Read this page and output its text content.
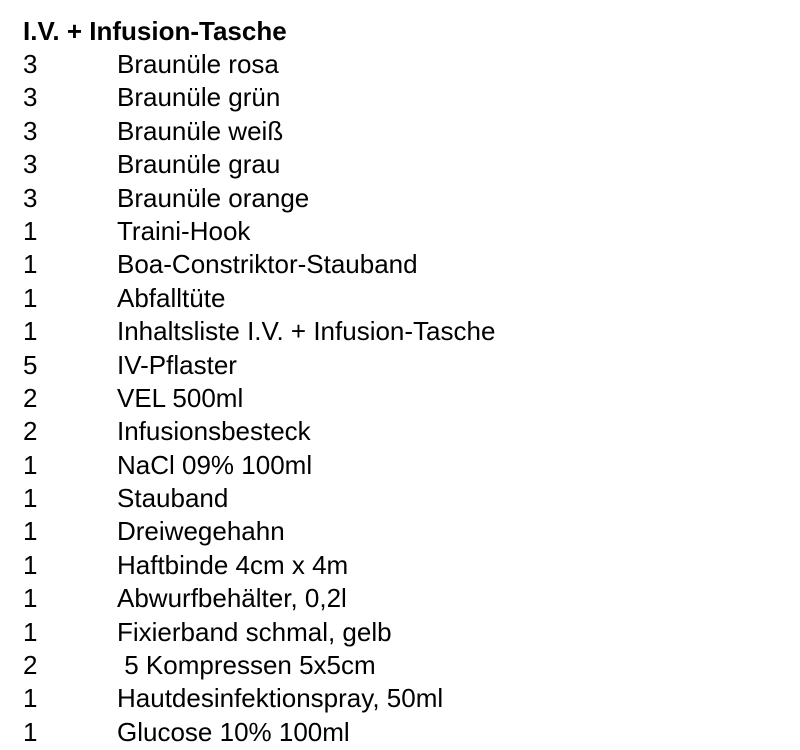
I.V. + Infusion-Tasche
3	Braunüle rosa
3	Braunüle grün
3	Braunüle weiß
3	Braunüle grau
3	Braunüle orange
1	Traini-Hook
1	Boa-Constriktor-Stauband
1	Abfalltüte
1	Inhaltsliste I.V. + Infusion-Tasche
5	IV-Pflaster
2	VEL 500ml
2	Infusionsbesteck
1	NaCl 09% 100ml
1	Stauband
1	Dreiwegehahn
1	Haftbinde 4cm x 4m
1	Abwurfbehälter, 0,2l
1	Fixierband schmal, gelb
2	5 Kompressen 5x5cm
1	Hautdesinfektionspray, 50ml
1	Glucose 10% 100ml
